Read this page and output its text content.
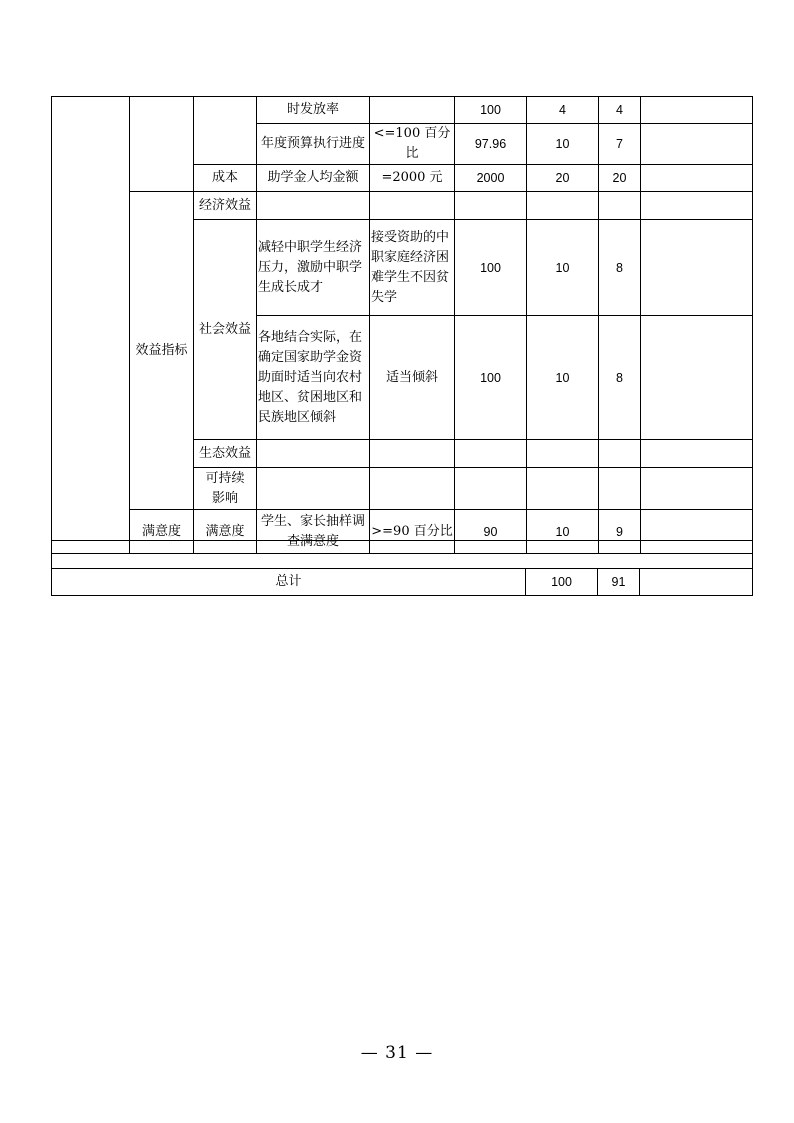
			时发放率		100	4	4	
			年度预算执行进度	<=100 百分比	97.96	10	7	
		成本	助学金人均金额	=2000 元	2000	20	20	
	效益指标	经济效益						
		社会效益	减轻中职学生经济压力，激励中职学生成长成才	接受资助的中职家庭经济困难学生不因贫失学	100	10	8	
			各地结合实际，在确定国家助学金资助面时适当向农村地区、贫困地区和民族地区倾斜	适当倾斜	100	10	8	
		生态效益						
		可持续影响						
	满意度	满意度	学生、家长抽样调查满意度	>=90 百分比	90	10	9	

总计	100	91	
— 31 —
